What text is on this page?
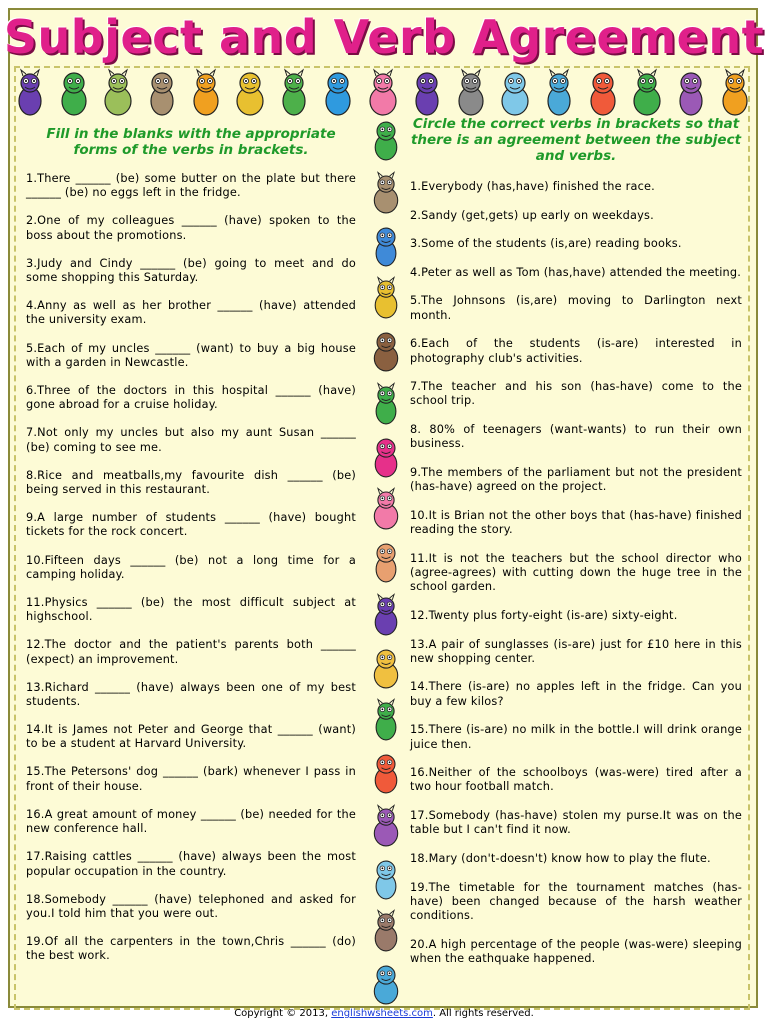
Subject and Verb Agreement

Fill in the blanks with the appropriate forms of the verbs in brackets.

1.There ______ (be) some butter on the plate but there ______ (be) no eggs left in the fridge.
2.One of my colleagues ______ (have) spoken to the boss about the promotions.
3.Judy and Cindy ______ (be) going to meet and do some shopping this Saturday.
4.Anny as well as her brother ______ (have) attended the university exam.
5.Each of my uncles ______ (want) to buy a big house with a garden in Newcastle.
6.Three of the doctors in this hospital ______ (have) gone abroad for a cruise holiday.
7.Not only my uncles but also my aunt Susan ______ (be) coming to see me.
8.Rice and meatballs,my favourite dish ______ (be) being served in this restaurant.
9.A large number of students ______ (have) bought tickets for the rock concert.
10.Fifteen days ______ (be) not a long time for a camping holiday.
11.Physics ______ (be) the most difficult subject at highschool.
12.The doctor and the patient's parents both ______ (expect) an improvement.
13.Richard ______ (have) always been one of my best students.
14.It is James not Peter and George that ______ (want) to be a student at Harvard University.
15.The Petersons' dog ______ (bark) whenever I pass in front of their house.
16.A great amount of money ______ (be) needed for the new conference hall.
17.Raising cattles ______ (have) always been the most popular occupation in the country.
18.Somebody ______ (have) telephoned and asked for you.I told him that you were out.
19.Of all the carpenters in the town,Chris ______ (do) the best work.

Circle the correct verbs in brackets so that there is an agreement between the subject and verbs.

1.Everybody (has,have) finished the race.
2.Sandy (get,gets) up early on weekdays.
3.Some of the students (is,are) reading books.
4.Peter as well as Tom (has,have) attended the meeting.
5.The Johnsons (is,are) moving to Darlington next month.
6.Each of the students (is-are) interested in photography club's activities.
7.The teacher and his son (has-have) come to the school trip.
8. 80% of teenagers (want-wants) to run their own business.
9.The members of the parliament but not the president (has-have) agreed on the project.
10.It is Brian not the other boys that (has-have) finished reading the story.
11.It is not the teachers but the school director who (agree-agrees) with cutting down the huge tree in the school garden.
12.Twenty plus forty-eight (is-are) sixty-eight.
13.A pair of sunglasses (is-are) just for £10 here in this new shopping center.
14.There (is-are) no apples left in the fridge. Can you buy a few kilos?
15.There (is-are) no milk in the bottle.I will drink orange juice then.
16.Neither of the schoolboys (was-were) tired after a two hour football match.
17.Somebody (has-have) stolen my purse.It was on the table but I can't find it now.
18.Mary (don't-doesn't) know how to play the flute.
19.The timetable for the tournament matches (has-have) been changed because of the harsh weather conditions.
20.A high percentage of the people (was-were) sleeping when the eathquake happened.
Copyright © 2013, englishwsheets.com. All rights reserved.
